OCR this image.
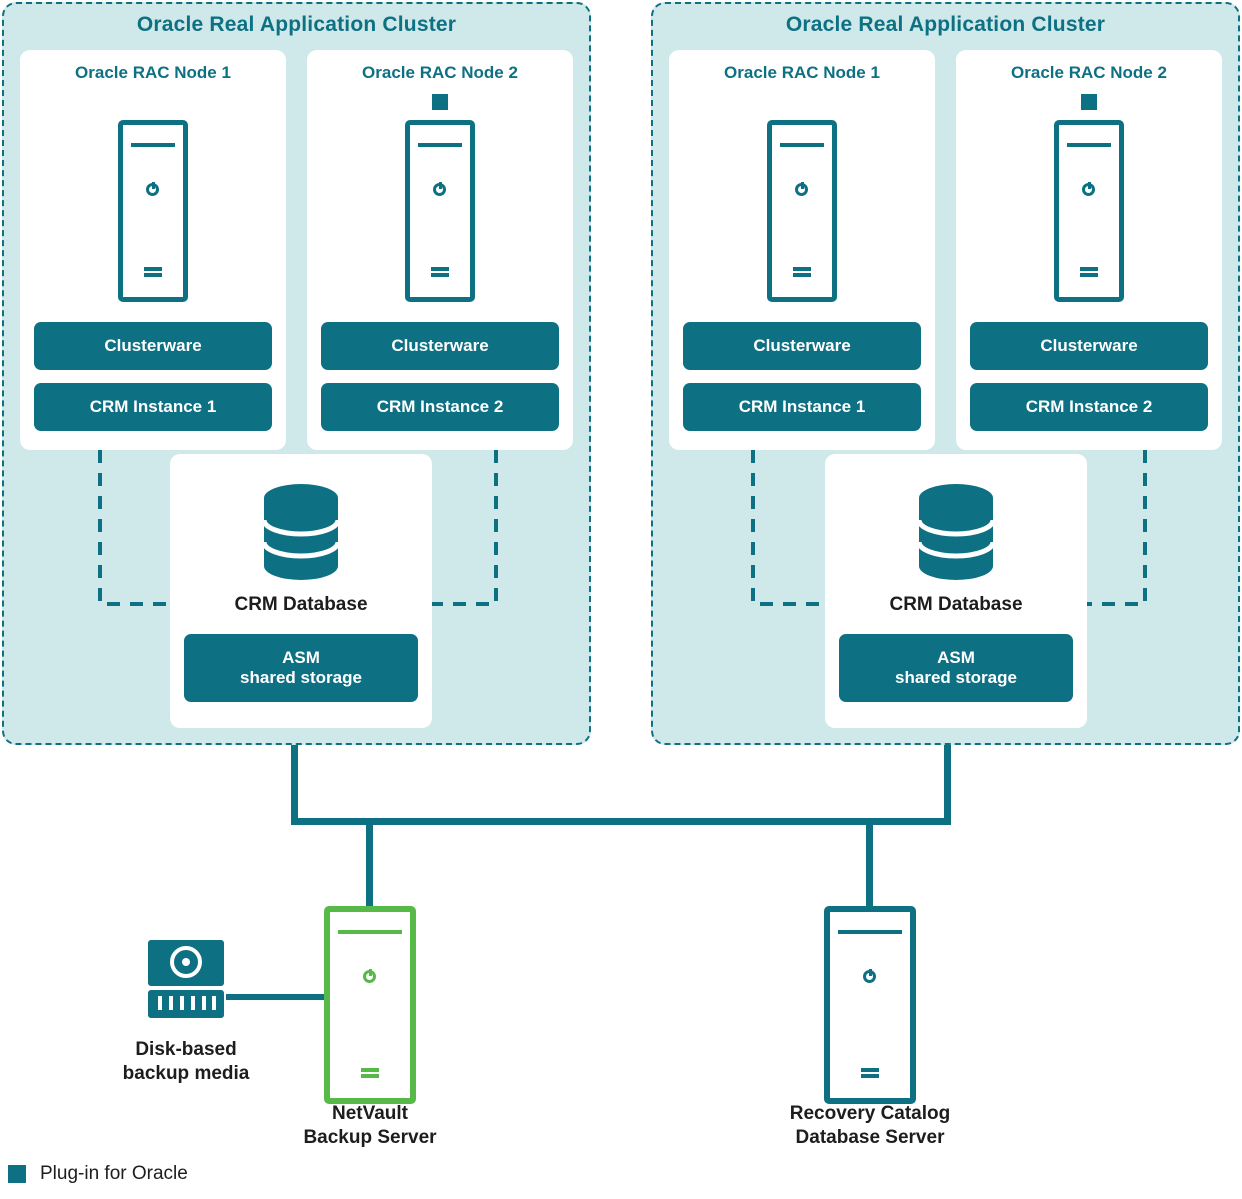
Oracle Real Application Cluster
Oracle RAC Node 1
Clusterware
CRM Instance 1
Oracle RAC Node 2
Clusterware
CRM Instance 2
CRM Database
ASM
shared storage
Oracle Real Application Cluster
Oracle RAC Node 1
Clusterware
CRM Instance 1
Oracle RAC Node 2
Clusterware
CRM Instance 2
CRM Database
ASM
shared storage
Disk-based
backup media
NetVault
Backup Server
Recovery Catalog
Database Server
Plug-in for Oracle
